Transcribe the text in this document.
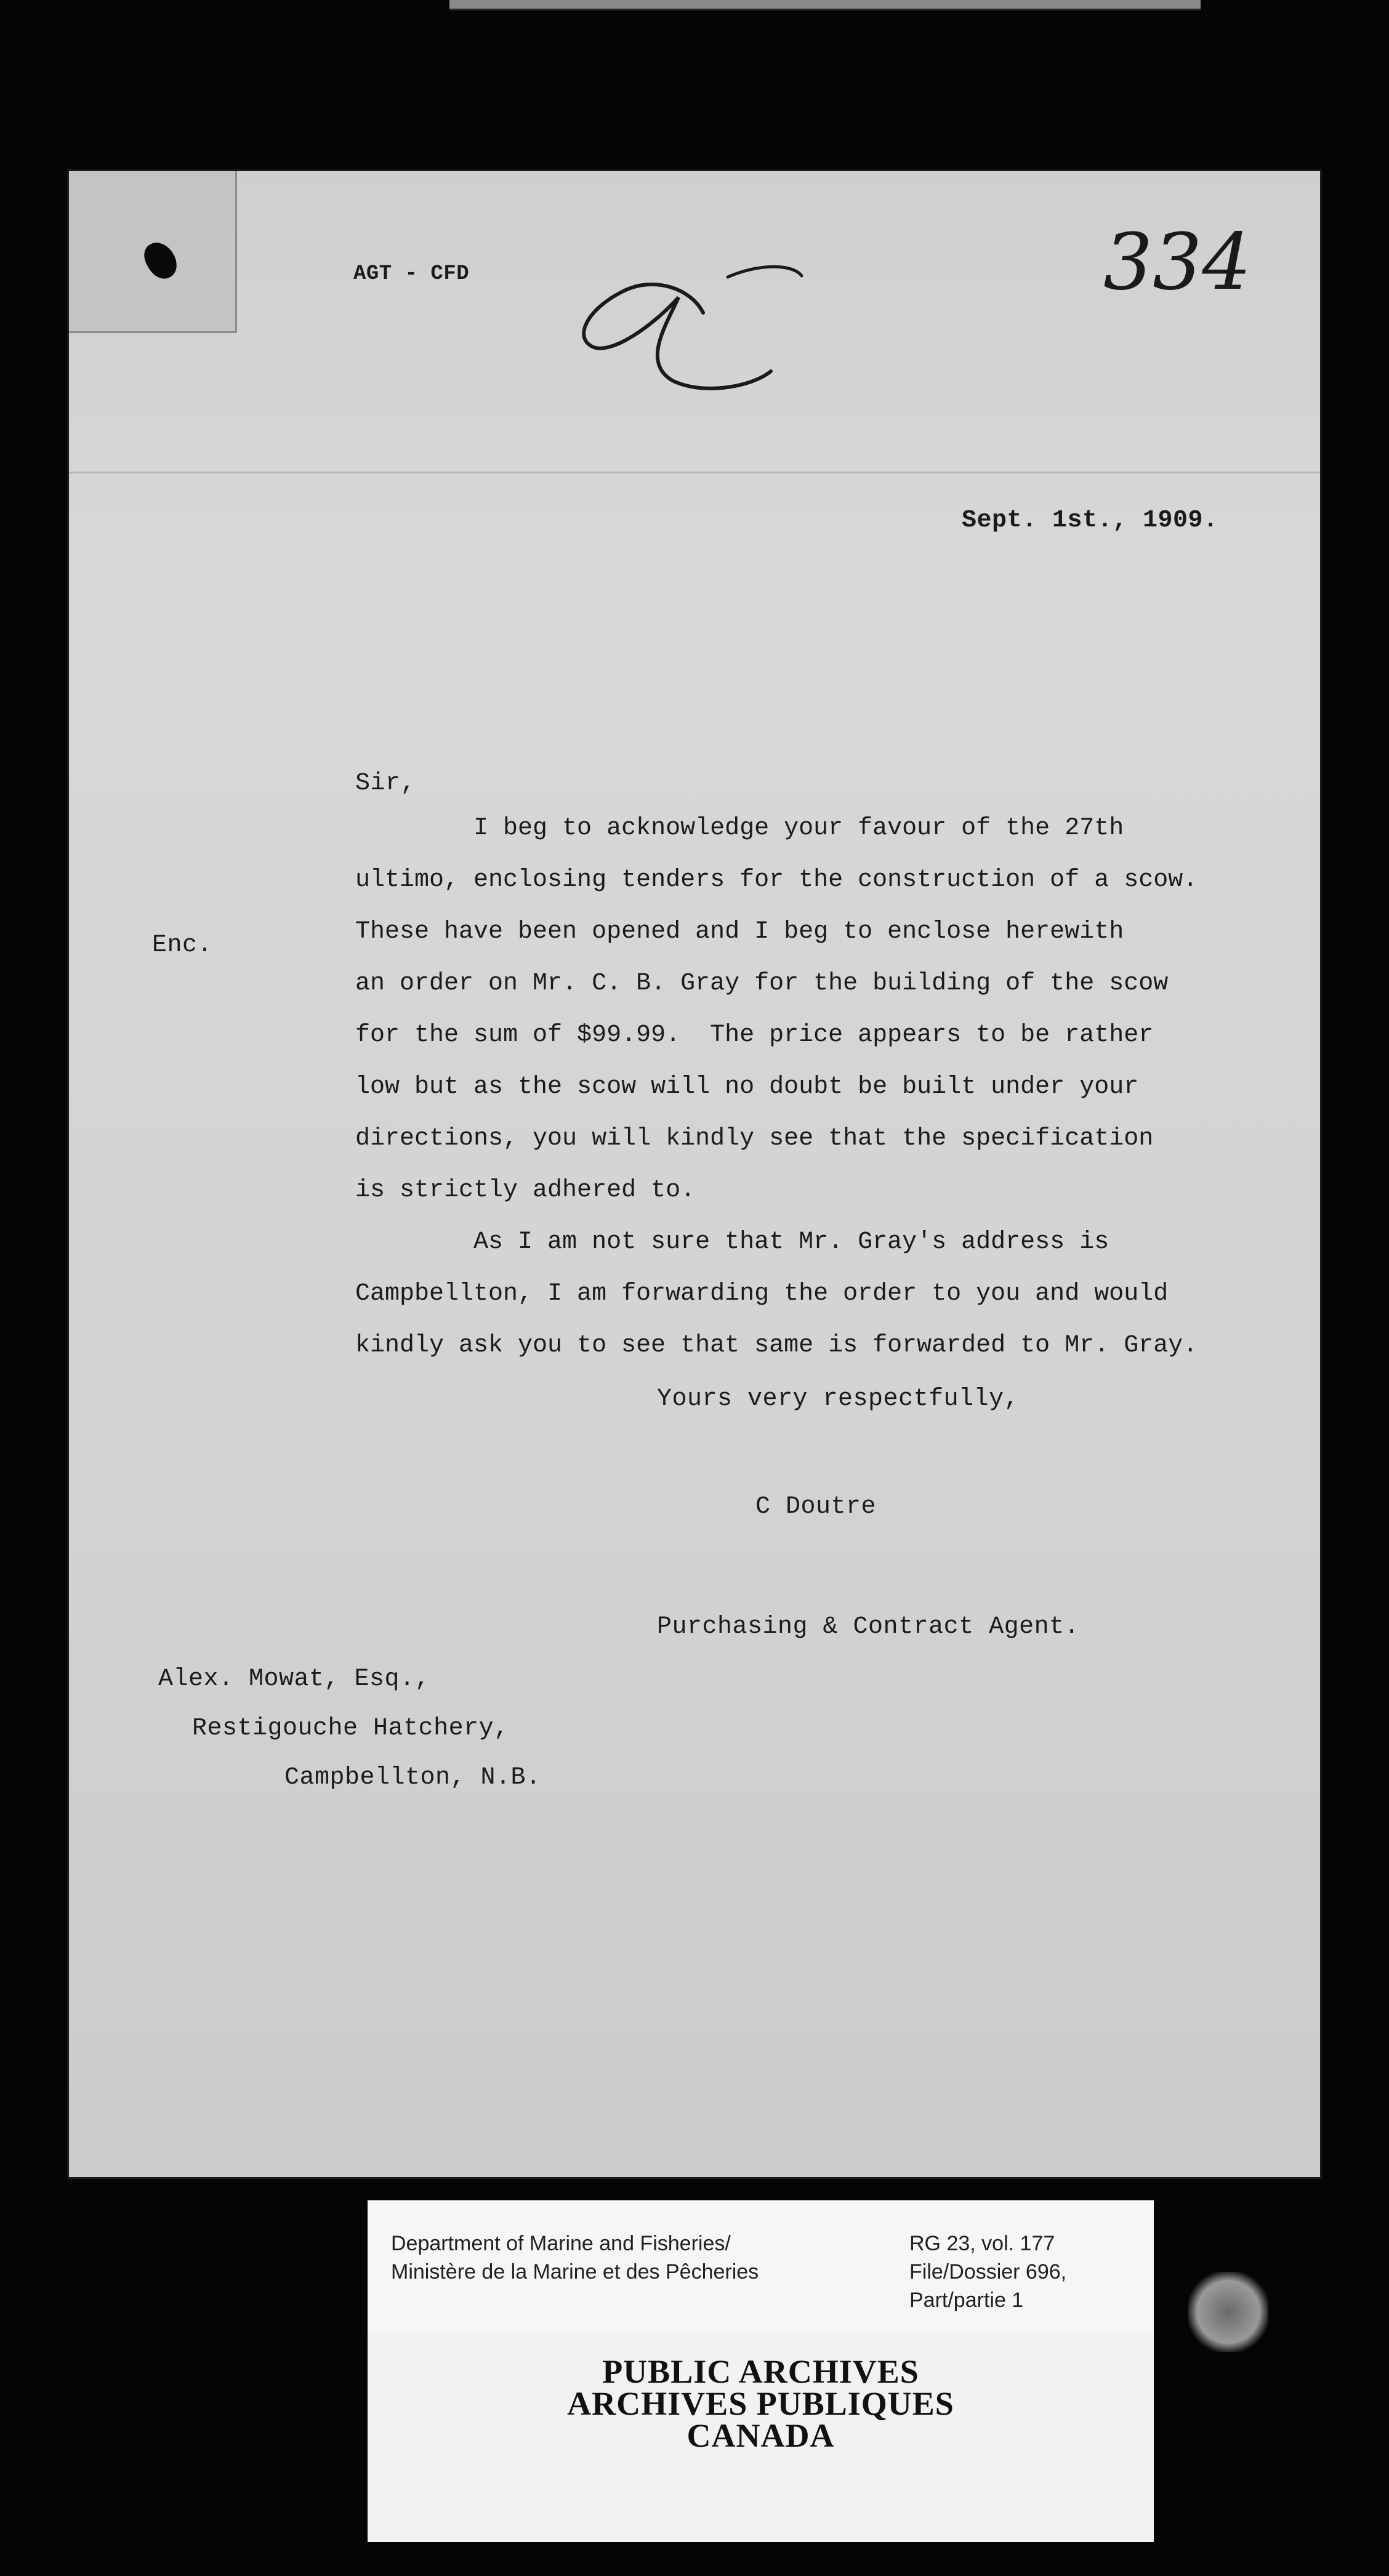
AGT - CFD	334
Sept. 1st., 1909.
Sir,
Enc.
I beg to acknowledge your favour of the 27th
ultimo, enclosing tenders for the construction of a scow.
These have been opened and I beg to enclose herewith
an order on Mr. C. B. Gray for the building of the scow
for the sum of $99.99.  The price appears to be rather
low but as the scow will no doubt be built under your
directions, you will kindly see that the specification
is strictly adhered to.
As I am not sure that Mr. Gray's address is
Campbellton, I am forwarding the order to you and would
kindly ask you to see that same is forwarded to Mr. Gray.
Yours very respectfully,
C Doutre
Purchasing & Contract Agent.
Alex. Mowat, Esq.,
Restigouche Hatchery,
Campbellton, N.B.
Department of Marine and Fisheries/
Ministère de la Marine et des Pêcheries
RG 23, vol. 177
File/Dossier 696,
Part/partie 1
PUBLIC ARCHIVES
ARCHIVES PUBLIQUES
CANADA
